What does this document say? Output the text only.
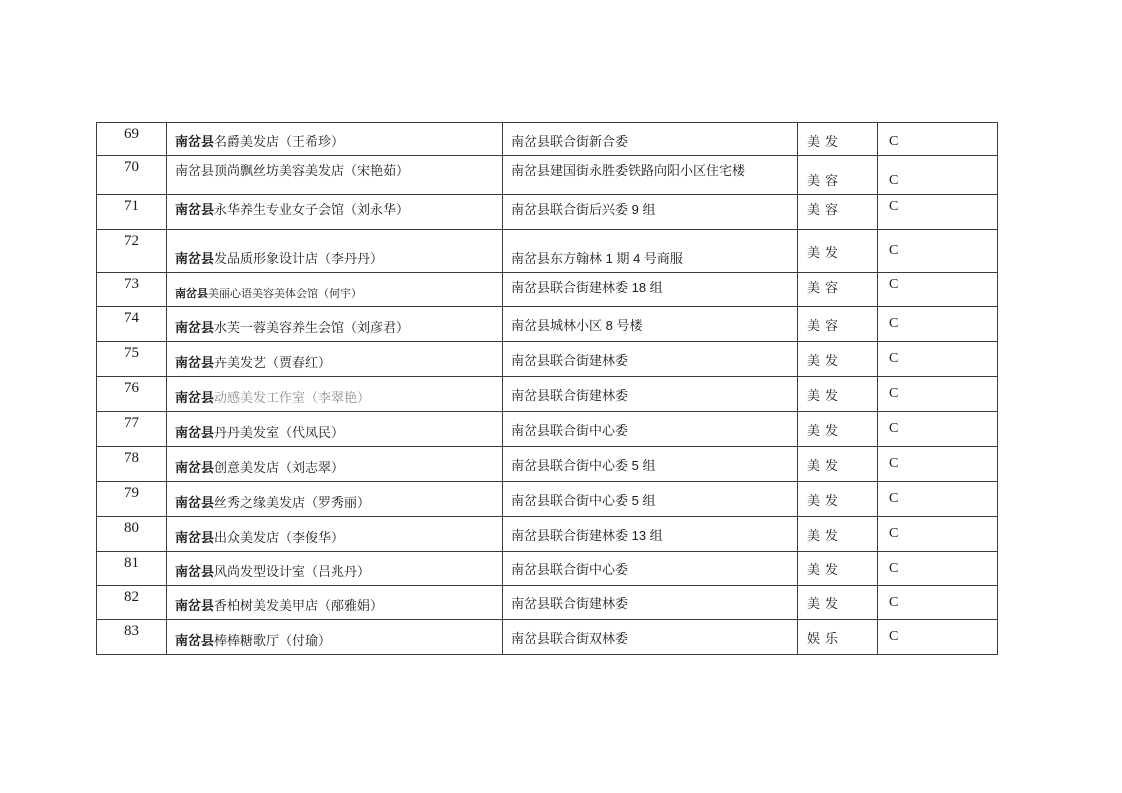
69	南岔县名爵美发店（王希珍）	南岔县联合街新合委	美发	C
70	南岔县顶尚飘丝坊美容美发店（宋艳茹）	南岔县建国街永胜委铁路向阳小区住宅楼	美容	C
71	南岔县永华养生专业女子会馆（刘永华）	南岔县联合街后兴委 9 组	美容	C
72	南岔县发品质形象设计店（李丹丹）	南岔县东方翰林 1 期 4 号商服	美发	C
73	南岔县美丽心语美容美体会馆（何宇）	南岔县联合街建林委 18 组	美容	C
74	南岔县水芙一蓉美容养生会馆（刘彦君）	南岔县城林小区 8 号楼	美容	C
75	南岔县卉美发艺（贾春红）	南岔县联合街建林委	美发	C
76	南岔县动感美发工作室（李翠艳）	南岔县联合街建林委	美发	C
77	南岔县丹丹美发室（代凤民）	南岔县联合街中心委	美发	C
78	南岔县创意美发店（刘志翠）	南岔县联合街中心委 5 组	美发	C
79	南岔县丝秀之缘美发店（罗秀丽）	南岔县联合街中心委 5 组	美发	C
80	南岔县出众美发店（李俊华）	南岔县联合街建林委 13 组	美发	C
81	南岔县风尚发型设计室（吕兆丹）	南岔县联合街中心委	美发	C
82	南岔县香柏树美发美甲店（邴雅娟）	南岔县联合街建林委	美发	C
83	南岔县棒棒糖歌厅（付瑜）	南岔县联合街双林委	娱乐	C
